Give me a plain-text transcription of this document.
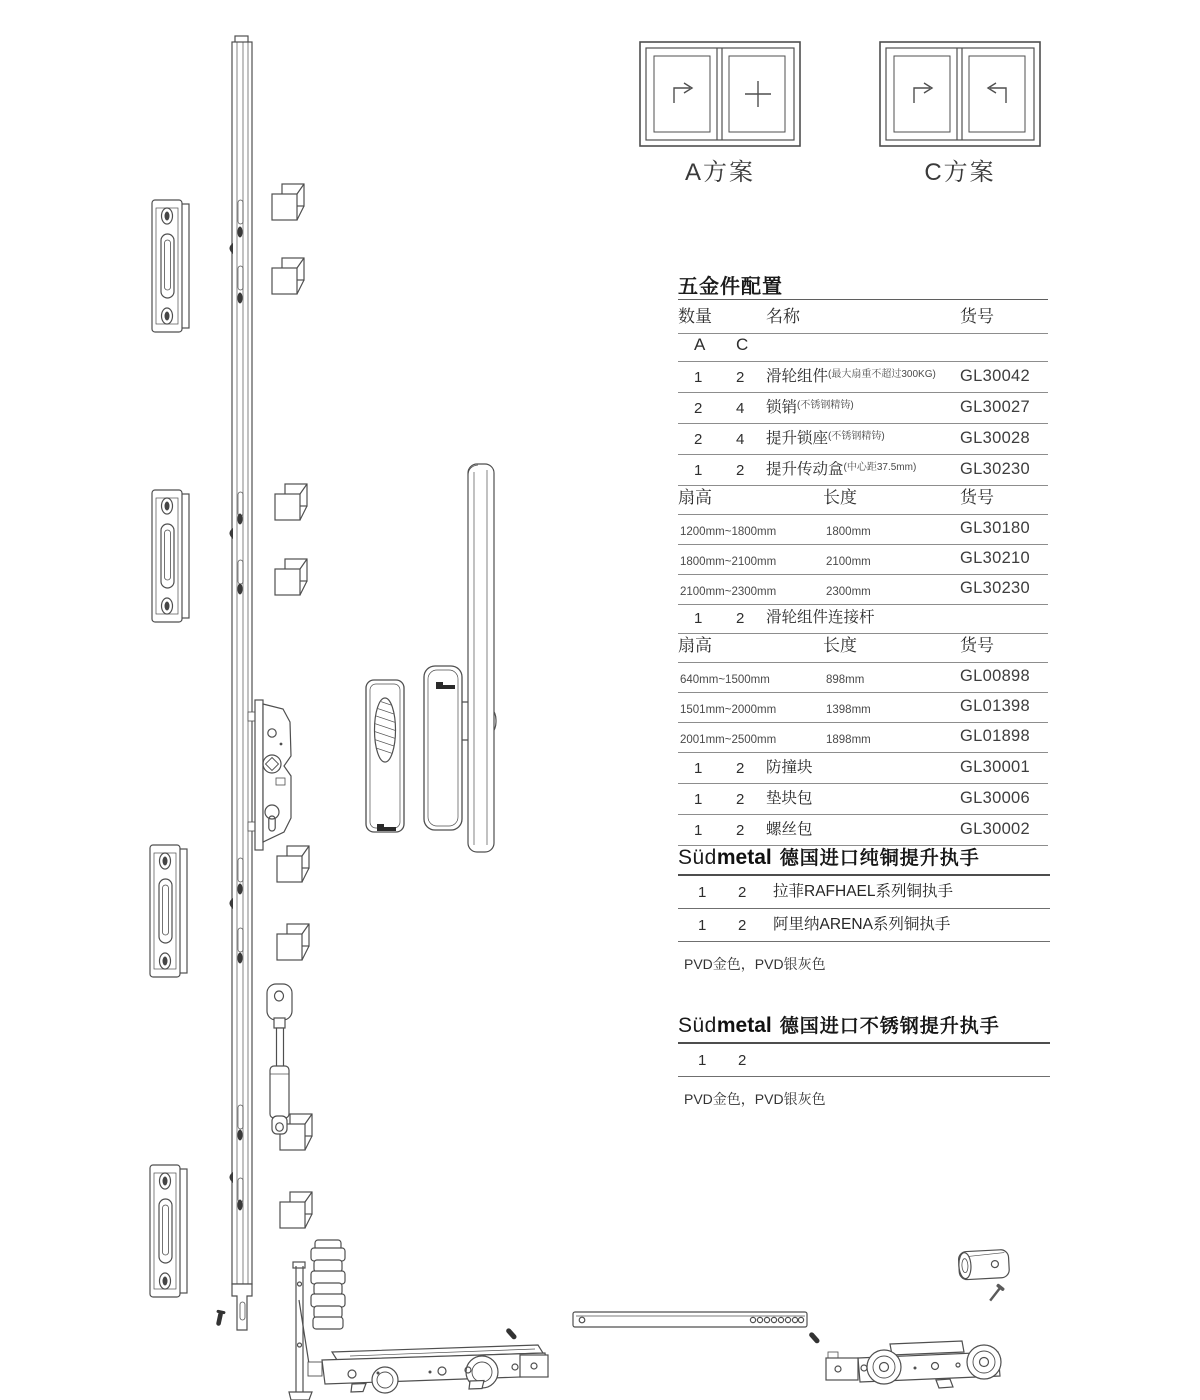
A方案	C方案
五金件配置
数量	名称	货号
A C
1 2 滑轮组件 (最大扇重不超过300KG) GL30042
2 4 锁销 (不锈钢精铸)	GL30027
2 4 提升锁座 (不锈钢精铸)	GL30028
1 2 提升传动盒 (中心距37.5mm)	GL30230
扇高	长度	货号
1200mm~1800mm	1800mm	GL30180
1800mm~2100mm	2100mm	GL30210
2100mm~2300mm	2300mm	GL30230
1 2 滑轮组件连接杆
扇高	长度	货号
640mm~1500mm	898mm	GL00898
1501mm~2000mm	1398mm	GL01398
2001mm~2500mm	1898mm	GL01898
1 2 防撞块	GL30001
1 2 垫块包	GL30006
1 2 螺丝包	GL30002
Südmetal 德国进口纯铜提升执手
1 2 拉菲RAFHAEL系列铜执手
1 2 阿里纳ARENA系列铜执手
PVD金色，PVD银灰色
Südmetal 德国进口不锈钢提升执手
1 2
PVD金色，PVD银灰色
